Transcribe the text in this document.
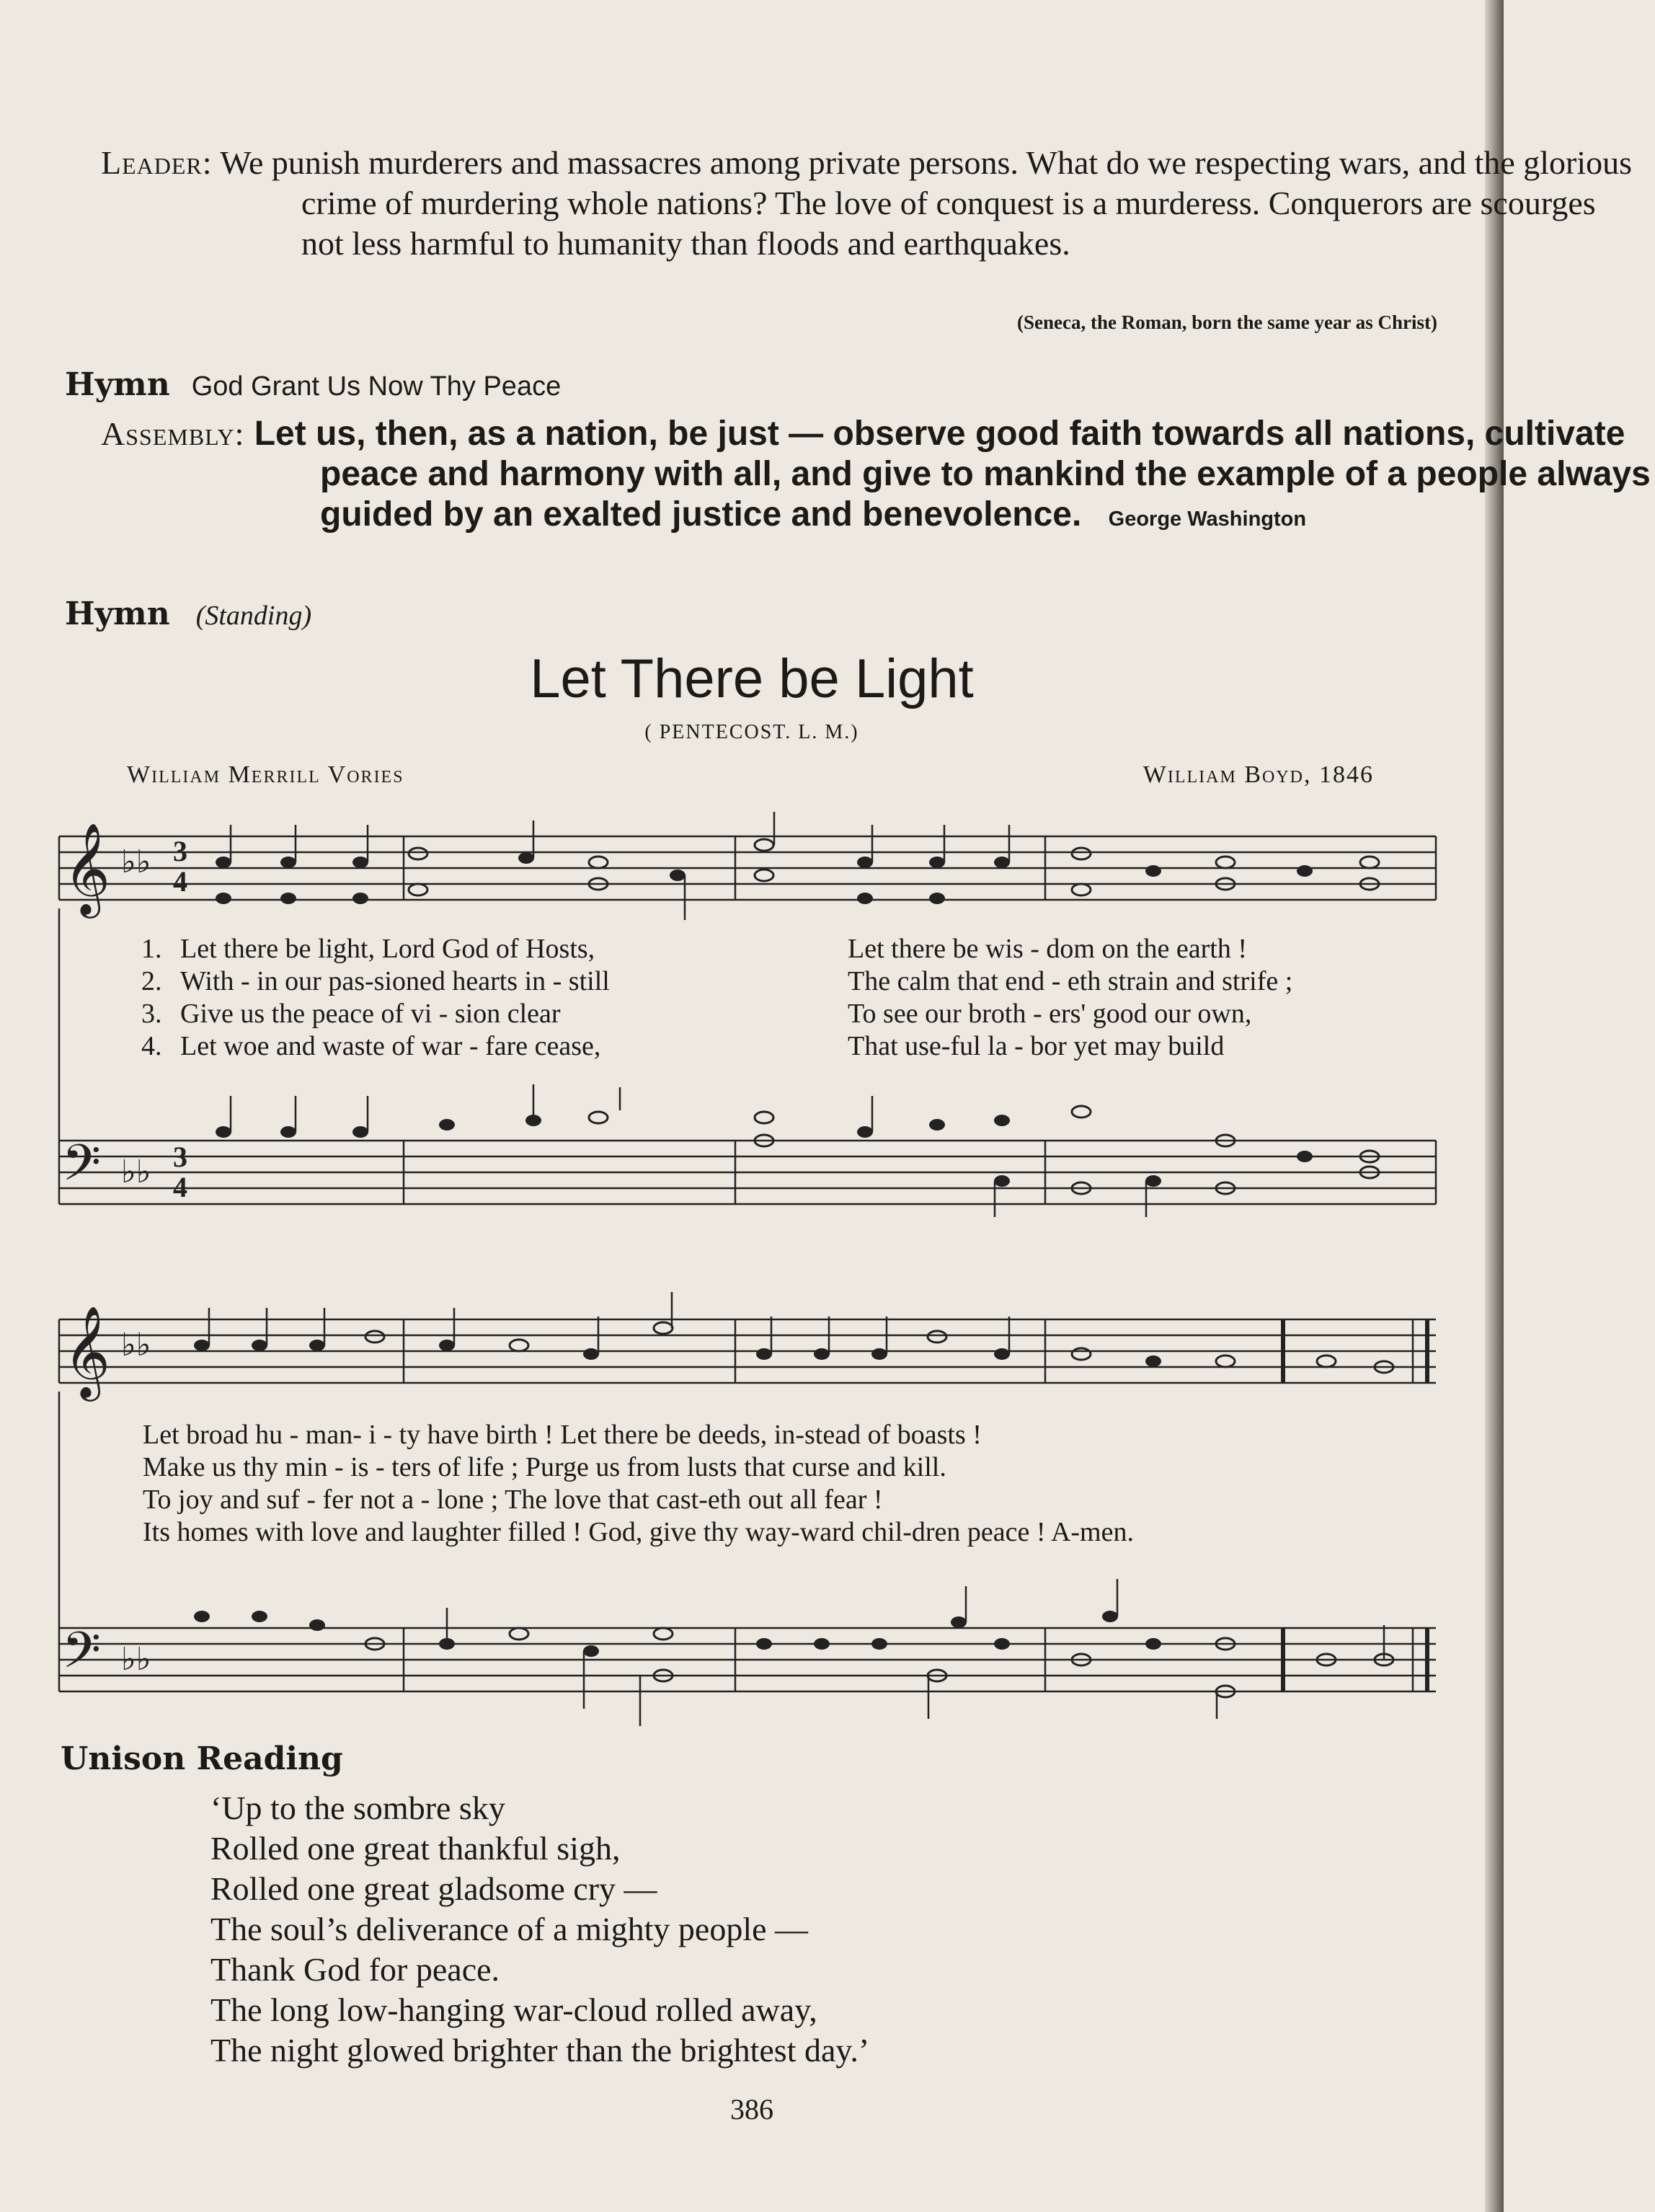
Leader: We punish murderers and massacres among private persons. What do we respecting wars, and the glorious crime of murdering whole nations? The love of conquest is a murderess. Conquerors are scourges not less harmful to humanity than floods and earthquakes.
(Seneca, the Roman, born the same year as Christ)
Hymn God Grant Us Now Thy Peace
Assembly: Let us, then, as a nation, be just — observe good faith towards all nations, cultivate peace and harmony with all, and give to mankind the example of a people always guided by an exalted justice and benevolence. George Washington
Hymn (Standing)
Let There be Light
( PENTECOST. L. M.)
William Merrill Vories	William Boyd, 1846
𝄞 ♭♭ 3
4
1. Let there be light, Lord God of Hosts,	Let there be wis - dom on the earth !
2. With - in our pas-sioned hearts in - still	The calm that end - eth strain and strife ;
3. Give us the peace of vi - sion clear	To see our broth - ers' good our own,
4. Let woe and waste of war - fare cease,	That use-ful la - bor yet may build
𝄢 ♭♭ 3
4
𝄞 ♭♭
Let broad hu - man- i - ty have birth ! Let there be deeds, in-stead of boasts !
Make us thy min - is - ters of life ; Purge us from lusts that curse and kill.
To joy and suf - fer not a - lone ; The love that cast-eth out all fear !
Its homes with love and laughter filled ! God, give thy way-ward chil-dren peace ! A-men.
𝄢 ♭♭
Unison Reading
‘Up to the sombre sky
Rolled one great thankful sigh,
Rolled one great gladsome cry —
The soul’s deliverance of a mighty people —
Thank God for peace.
The long low-hanging war-cloud rolled away,
The night glowed brighter than the brightest day.’
386
